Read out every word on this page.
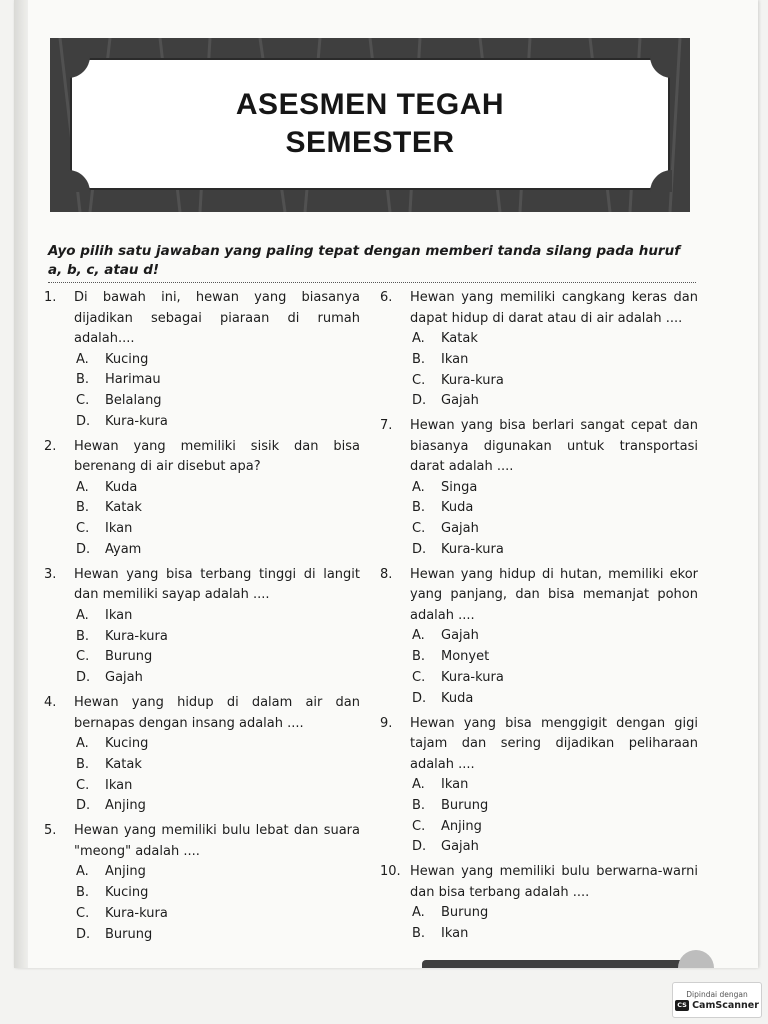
ASESMEN TEGAH
SEMESTER
Ayo pilih satu jawaban yang paling tepat dengan memberi tanda silang pada huruf a, b, c, atau d!
1.	Di bawah ini, hewan yang biasanya dijadikan sebagai piaraan di rumah adalah....
A.	Kucing
B.	Harimau
C.	Belalang
D.	Kura-kura
2.	Hewan yang memiliki sisik dan bisa berenang di air disebut apa?
A.	Kuda
B.	Katak
C.	Ikan
D.	Ayam
3.	Hewan yang bisa terbang tinggi di langit dan memiliki sayap adalah ....
A.	Ikan
B.	Kura-kura
C.	Burung
D.	Gajah
4.	Hewan yang hidup di dalam air dan bernapas dengan insang adalah ....
A.	Kucing
B.	Katak
C.	Ikan
D.	Anjing
5.	Hewan yang memiliki bulu lebat dan suara "meong" adalah ....
A.	Anjing
B.	Kucing
C.	Kura-kura
D.	Burung
6.	Hewan yang memiliki cangkang keras dan dapat hidup di darat atau di air adalah ....
A.	Katak
B.	Ikan
C.	Kura-kura
D.	Gajah
7.	Hewan yang bisa berlari sangat cepat dan biasanya digunakan untuk transportasi darat adalah ....
A.	Singa
B.	Kuda
C.	Gajah
D.	Kura-kura
8.	Hewan yang hidup di hutan, memiliki ekor yang panjang, dan bisa memanjat pohon adalah ....
A.	Gajah
B.	Monyet
C.	Kura-kura
D.	Kuda
9.	Hewan yang bisa menggigit dengan gigi tajam dan sering dijadikan peliharaan adalah ....
A.	Ikan
B.	Burung
C.	Anjing
D.	Gajah
10. Hewan yang memiliki bulu berwarna-warni dan bisa terbang adalah ....
A.	Burung
B.	Ikan
Dipindai dengan
CS CamScanner
